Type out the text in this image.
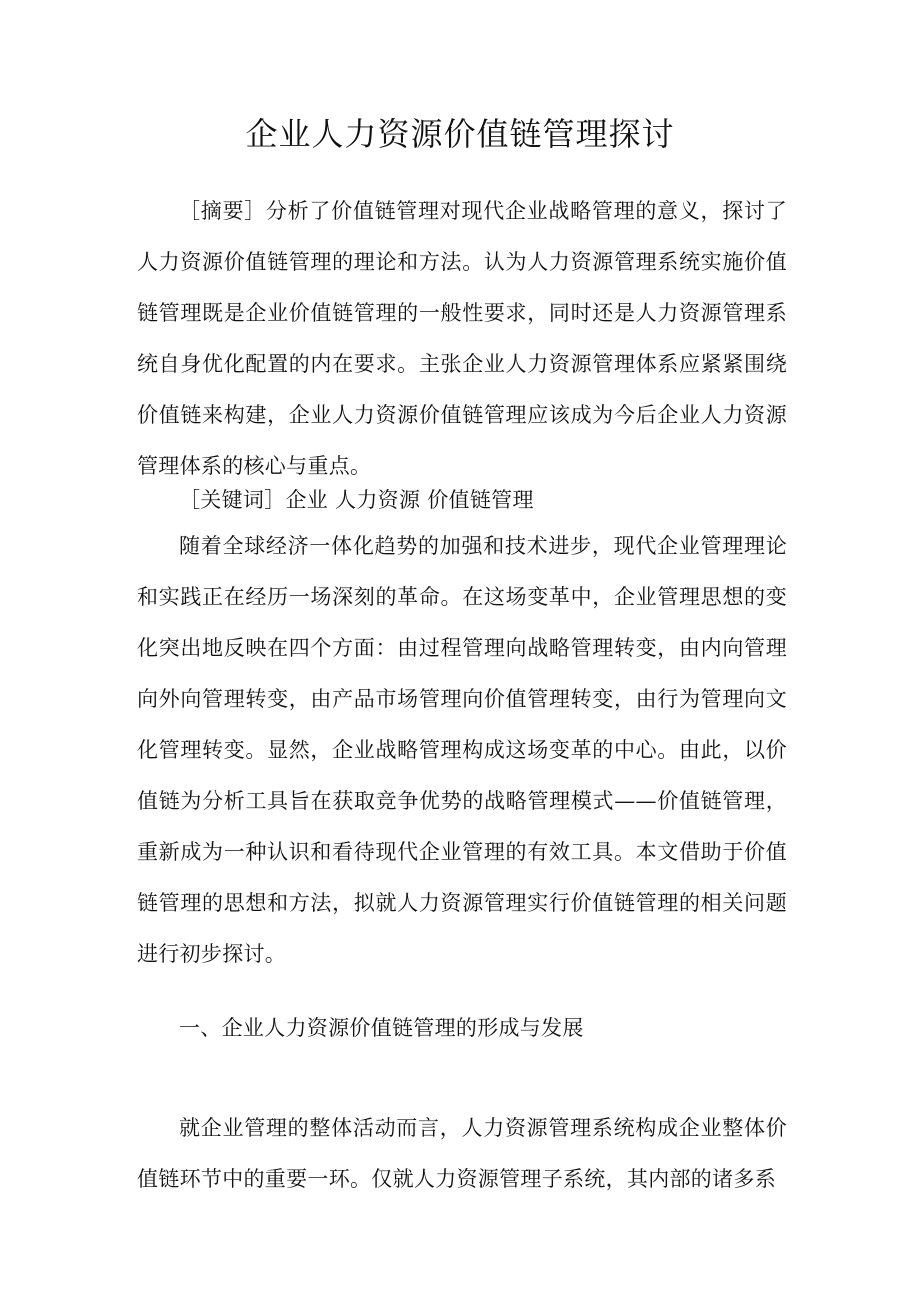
企业人力资源价值链管理探讨

［摘要］分析了价值链管理对现代企业战略管理的意义，探讨了人力资源价值链管理的理论和方法。认为人力资源管理系统实施价值链管理既是企业价值链管理的一般性要求，同时还是人力资源管理系统自身优化配置的内在要求。主张企业人力资源管理体系应紧紧围绕价值链来构建，企业人力资源价值链管理应该成为今后企业人力资源管理体系的核心与重点。

［关键词］企业 人力资源 价值链管理

随着全球经济一体化趋势的加强和技术进步，现代企业管理理论和实践正在经历一场深刻的革命。在这场变革中，企业管理思想的变化突出地反映在四个方面：由过程管理向战略管理转变，由内向管理向外向管理转变，由产品市场管理向价值管理转变，由行为管理向文化管理转变。显然，企业战略管理构成这场变革的中心。由此，以价值链为分析工具旨在获取竞争优势的战略管理模式——价值链管理，重新成为一种认识和看待现代企业管理的有效工具。本文借助于价值链管理的思想和方法，拟就人力资源管理实行价值链管理的相关问题进行初步探讨。

一、企业人力资源价值链管理的形成与发展

就企业管理的整体活动而言，人力资源管理系统构成企业整体价值链环节中的重要一环。仅就人力资源管理子系统，其内部的诸多系
